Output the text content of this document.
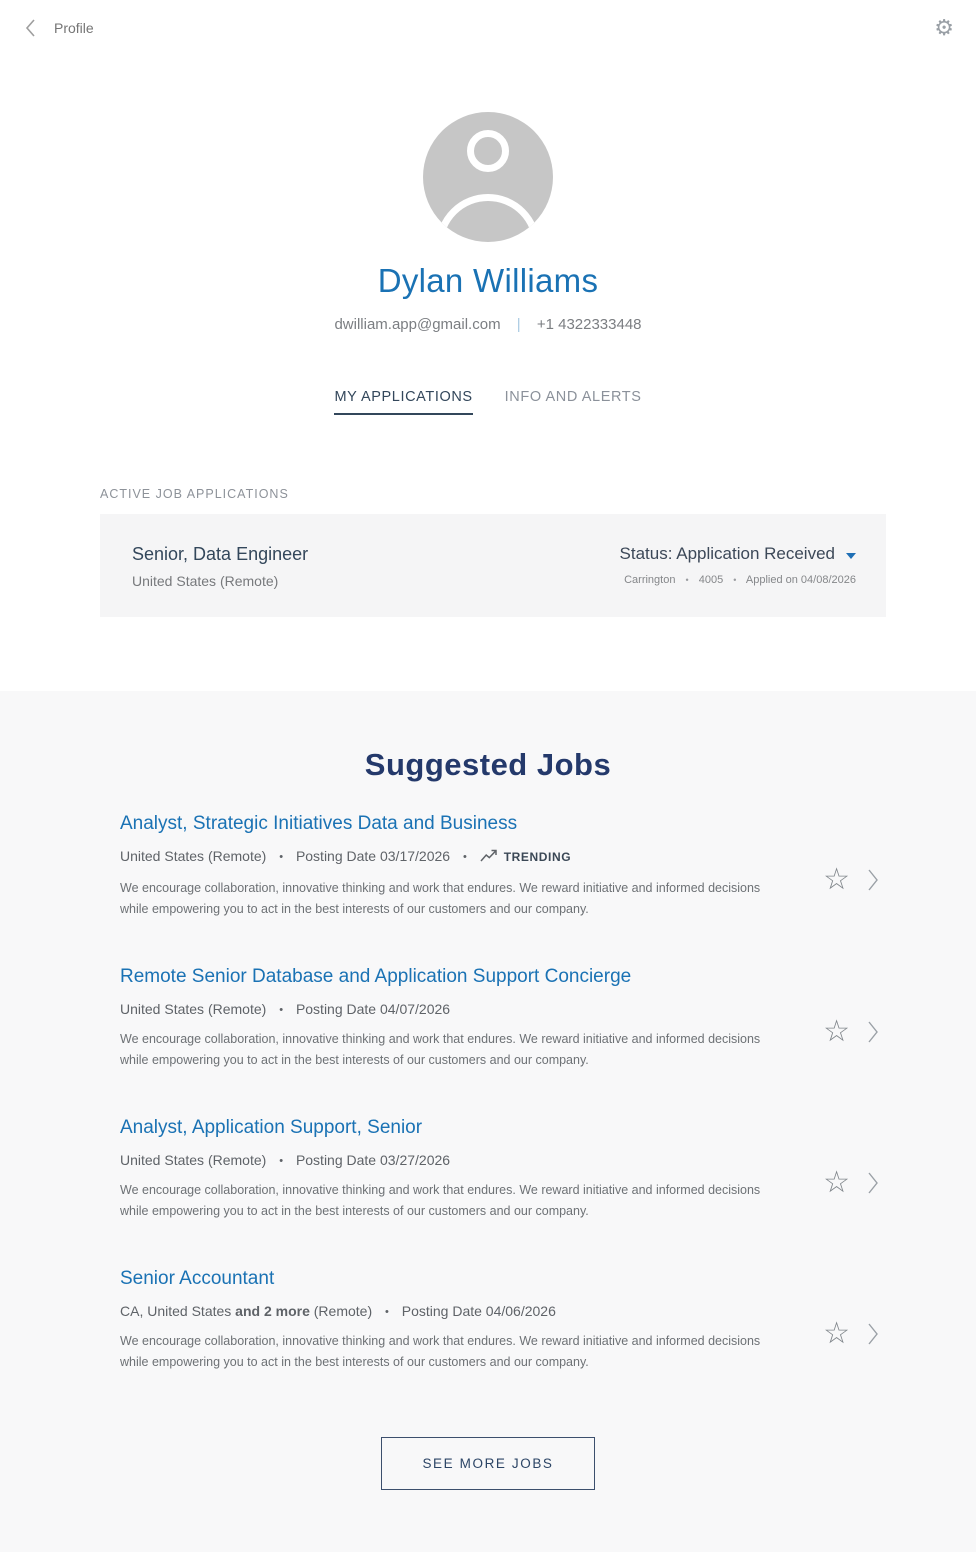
Profile	⚙
Dylan Williams
dwilliam.app@gmail.com | +1 4322333448
MY APPLICATIONS INFO AND ALERTS
ACTIVE JOB APPLICATIONS
Senior, Data Engineer
United States (Remote)
Status: Application Received
Carrington • 4005 • Applied on 04/08/2026
Suggested Jobs
Analyst, Strategic Initiatives Data and Business
United States (Remote) • Posting Date 03/17/2026 •	TRENDING

We encourage collaboration, innovative thinking and work that endures. We reward initiative and informed decisions while empowering you to act in the best interests of our customers and our company.

☆
Remote Senior Database and Application Support Concierge
United States (Remote) • Posting Date 04/07/2026

We encourage collaboration, innovative thinking and work that endures. We reward initiative and informed decisions while empowering you to act in the best interests of our customers and our company.

☆
Analyst, Application Support, Senior
United States (Remote) • Posting Date 03/27/2026

We encourage collaboration, innovative thinking and work that endures. We reward initiative and informed decisions while empowering you to act in the best interests of our customers and our company.

☆
Senior Accountant
CA, United States and 2 more (Remote) • Posting Date 04/06/2026

We encourage collaboration, innovative thinking and work that endures. We reward initiative and informed decisions while empowering you to act in the best interests of our customers and our company.

☆
SEE MORE JOBS
